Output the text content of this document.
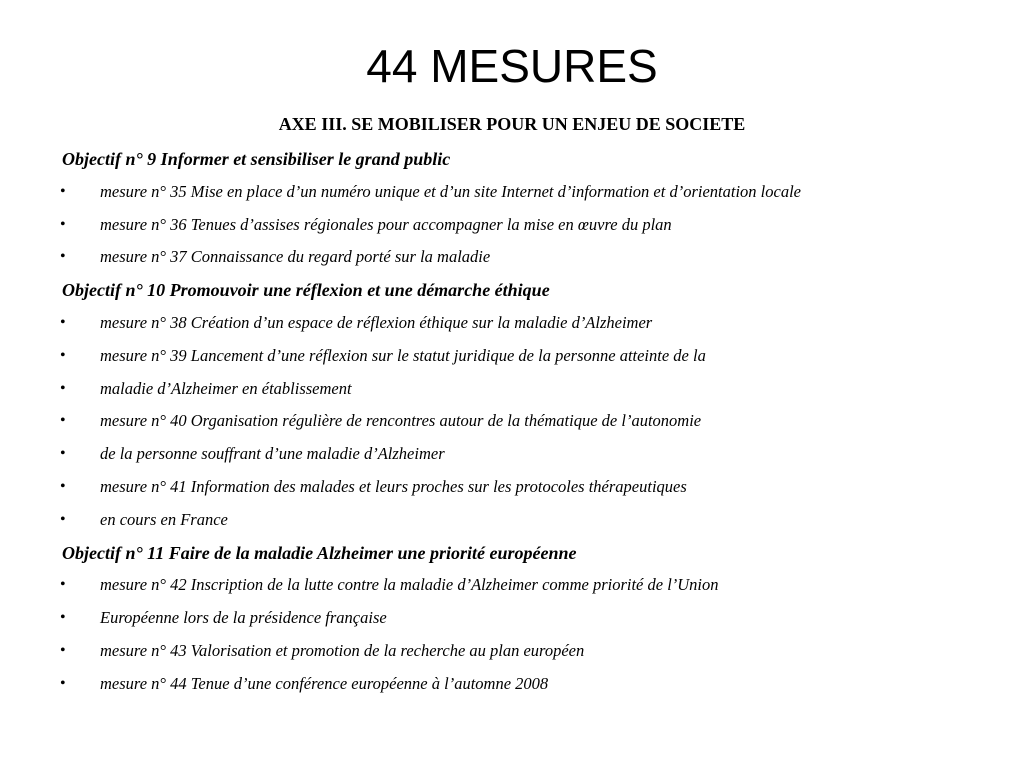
44 MESURES
AXE III. SE MOBILISER POUR UN ENJEU DE SOCIETE
Objectif n° 9 Informer et sensibiliser le grand public
• mesure n° 35 Mise en place d’un numéro unique et d’un site Internet d’information et d’orientation locale
• mesure n° 36 Tenues d’assises régionales pour accompagner la mise en œuvre du plan
• mesure n° 37 Connaissance du regard porté sur la maladie
Objectif n° 10 Promouvoir une réflexion et une démarche éthique
• mesure n° 38 Création d’un espace de réflexion éthique sur la maladie d’Alzheimer
• mesure n° 39 Lancement d’une réflexion sur le statut juridique de la personne atteinte de la
• maladie d’Alzheimer en établissement
• mesure n° 40 Organisation régulière de rencontres autour de la thématique de l’autonomie
• de la personne souffrant d’une maladie d’Alzheimer
• mesure n° 41 Information des malades et leurs proches sur les protocoles thérapeutiques
• en cours en France
Objectif n° 11 Faire de la maladie Alzheimer une priorité européenne
• mesure n° 42 Inscription de la lutte contre la maladie d’Alzheimer comme priorité de l’Union
• Européenne lors de la présidence française
• mesure n° 43 Valorisation et promotion de la recherche au plan européen
• mesure n° 44 Tenue d’une conférence européenne à l’automne 2008
